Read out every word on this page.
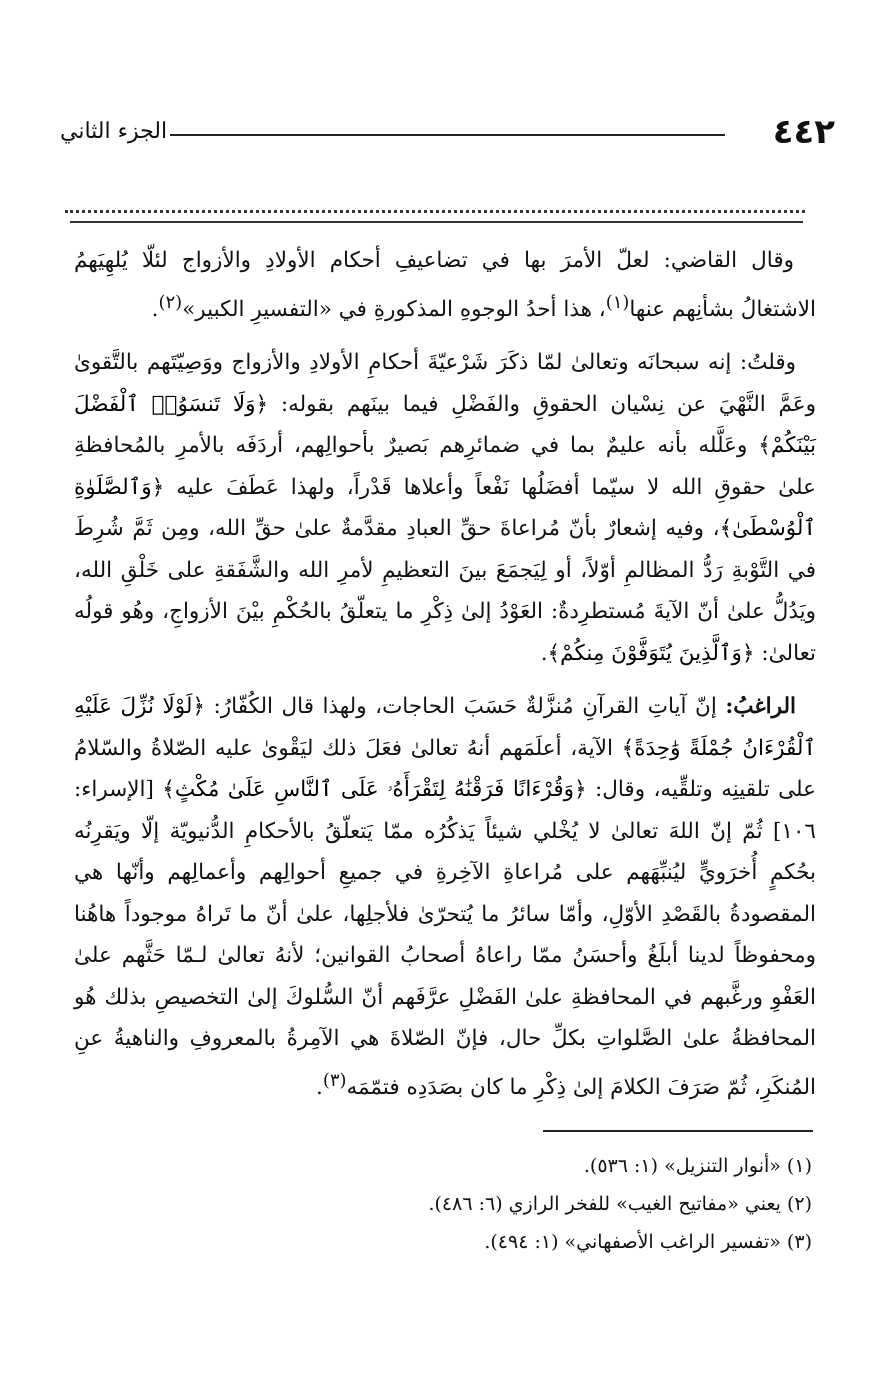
٤٤٢
الجزء الثاني

وقال القاضي: لعلّ الأمرَ بها في تضاعيفِ أحكام الأولادِ والأزواج لئلّا يُلهِيَهمُ الاشتغالُ بشأنِهم عنها$^{(١)}$، هذا أحدُ الوجوهِ المذكورةِ في «التفسيرِ الكبير»$^{(٢)}$.

وقلتُ: إنه سبحانَه وتعالىٰ لمّا ذكَرَ شَرْعيّةَ أحكامِ الأولادِ والأزواج ووَصِيّتَهم بالتَّقوىٰ وعَمَّ النَّهْيَ عن نِسْيان الحقوقِ والفَضْلِ فيما بينَهم بقوله: ﴿وَلَا تَنسَوُا۟ ٱلْفَضْلَ بَيْنَكُمْ﴾ وعَلَّله بأنه عليمٌ بما في ضمائرِهم بَصيرٌ بأحوالِهم، أردَفَه بالأمرِ بالمُحافظةِ علىٰ حقوقِ الله لا سيّما أفضَلُها نَفْعاً وأعلاها قَدْراً، ولهذا عَطَفَ عليه ﴿وَٱلصَّلَوٰةِ ٱلْوُسْطَىٰ﴾، وفيه إشعارٌ بأنّ مُراعاةَ حقِّ العبادِ مقدَّمةٌ علىٰ حقِّ الله، ومِن ثَمَّ شُرِطَ في التَّوْبةِ رَدُّ المظالمِ أوّلاً، أو لِيَجمَعَ بينَ التعظيمِ لأمرِ الله والشَّفَقةِ على خَلْقِ الله، ويَدُلُّ علىٰ أنّ الآيةَ مُستطرِدةٌ: العَوْدُ إلىٰ ذِكْرِ ما يتعلّقُ بالحُكْمِ بيْنَ الأزواجِ، وهُو قولُه تعالىٰ: ﴿وَٱلَّذِينَ يُتَوَفَّوْنَ مِنكُمْ﴾.

الراغبُ: إنّ آياتِ القرآنِ مُنزَّلةٌ حَسَبَ الحاجات، ولهذا قال الكُفّارُ: ﴿لَوْلَا نُزِّلَ عَلَيْهِ ٱلْقُرْءَانُ جُمْلَةً وَٰحِدَةً﴾ الآية، أعلَمَهم أنهُ تعالىٰ فعَلَ ذلك ليَقْوىٰ عليه الصّلاةُ والسّلامُ على تلقينِه وتلقِّيه، وقال: ﴿وَقُرْءَانًا فَرَقْنَٰهُ لِتَقْرَأَهُۥ عَلَى ٱلنَّاسِ عَلَىٰ مُكْثٍ﴾ [الإسراء: ١٠٦] ثُمّ إنّ اللهَ تعالىٰ لا يُخْلي شيئاً يَذكُرُه ممّا يَتعلّقُ بالأحكامِ الدُّنيويّة إلّا ويَقرِنُه بحُكمٍ أُخرَويٍّ ليُنبِّهَهم على مُراعاةِ الآخِرةِ في جميعِ أحوالِهم وأعمالِهم وأنّها هي المقصودةُ بالقَصْدِ الأوّلِ، وأمّا سائرُ ما يُتحرّىٰ فلأجلِها، علىٰ أنّ ما تَراهُ موجوداً هاهُنا ومحفوظاً لدينا أبلَغُ وأحسَنُ ممّا راعاهُ أصحابُ القوانين؛ لأنهُ تعالىٰ لـمّا حَثَّهم علىٰ العَفْوِ ورغَّبهم في المحافظةِ علىٰ الفَضْلِ عرَّفَهم أنّ السُّلوكَ إلىٰ التخصيصِ بذلك هُو المحافظةُ علىٰ الصَّلواتِ بكلِّ حال، فإنّ الصّلاةَ هي الآمِرةُ بالمعروفِ والناهيةُ عنِ المُنكَرِ، ثُمّ صَرَفَ الكلامَ إلىٰ ذِكْرِ ما كان بصَدَدِه فتمّمَه$^{(٣)}$.

(١) «أنوار التنزيل» (١: ٥٣٦).
(٢) يعني «مفاتيح الغيب» للفخر الرازي (٦: ٤٨٦).
(٣) «تفسير الراغب الأصفهاني» (١: ٤٩٤).
